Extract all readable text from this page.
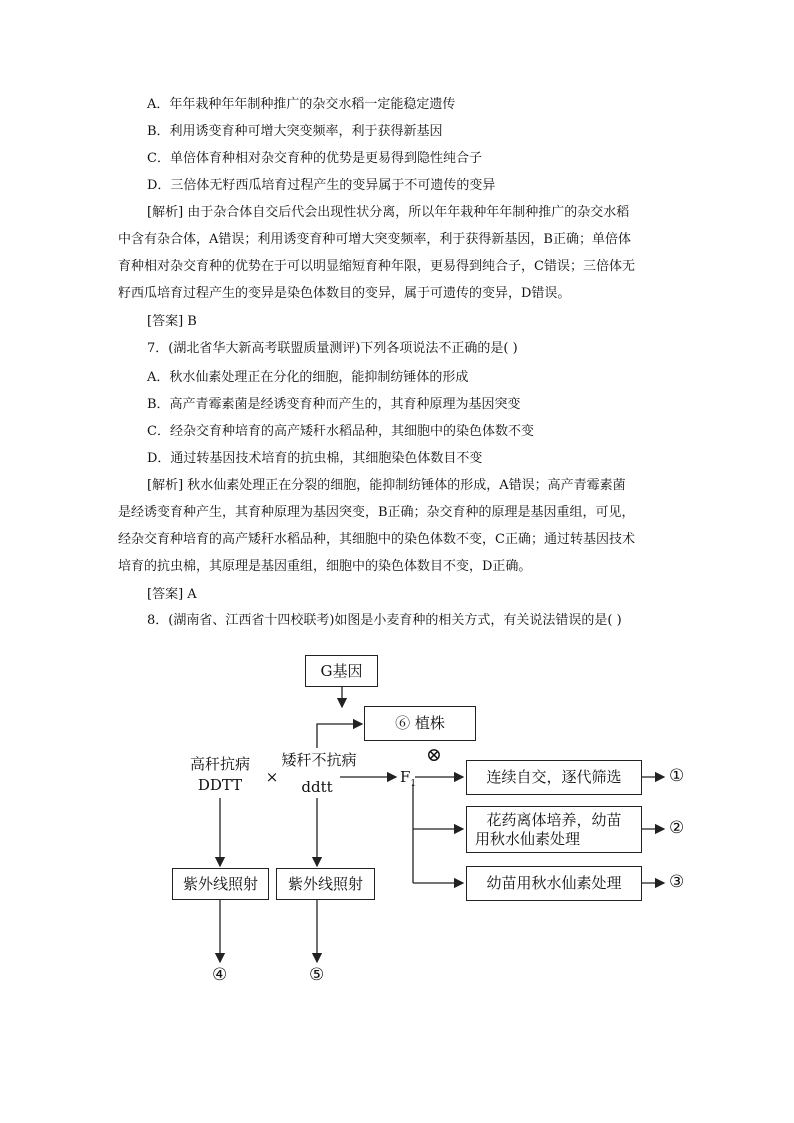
A．年年栽种年年制种推广的杂交水稻一定能稳定遗传
B．利用诱变育种可增大突变频率，利于获得新基因
C．单倍体育种相对杂交育种的优势是更易得到隐性纯合子
D．三倍体无籽西瓜培育过程产生的变异属于不可遗传的变异
[解析] 由于杂合体自交后代会出现性状分离，所以年年栽种年年制种推广的杂交水稻
中含有杂合体，A错误；利用诱变育种可增大突变频率，利于获得新基因，B正确；单倍体
育种相对杂交育种的优势在于可以明显缩短育种年限，更易得到纯合子，C错误；三倍体无
籽西瓜培育过程产生的变异是染色体数目的变异，属于可遗传的变异，D错误。
[答案] B
7．(湖北省华大新高考联盟质量测评)下列各项说法不正确的是( )
A．秋水仙素处理正在分化的细胞，能抑制纺锤体的形成
B．高产青霉素菌是经诱变育种而产生的，其育种原理为基因突变
C．经杂交育种培育的高产矮秆水稻品种，其细胞中的染色体数不变
D．通过转基因技术培育的抗虫棉，其细胞染色体数目不变
[解析] 秋水仙素处理正在分裂的细胞，能抑制纺锤体的形成，A错误；高产青霉素菌
是经诱变育种产生，其育种原理为基因突变，B正确；杂交育种的原理是基因重组，可见，
经杂交育种培育的高产矮秆水稻品种，其细胞中的染色体数不变，C正确；通过转基因技术
培育的抗虫棉，其原理是基因重组，细胞中的染色体数目不变，D正确。
[答案] A
8．(湖南省、江西省十四校联考)如图是小麦育种的相关方式，有关说法错误的是( )
G基因
⑥ 植株
高秆抗病
DDTT	×
矮秆不抗病
ddtt
⊗
$F_1$	连续自交，逐代筛选
花药离体培养，幼苗
用秋水仙素处理
幼苗用秋水仙素处理
紫外线照射	紫外线照射
①
②
③
④	⑤
